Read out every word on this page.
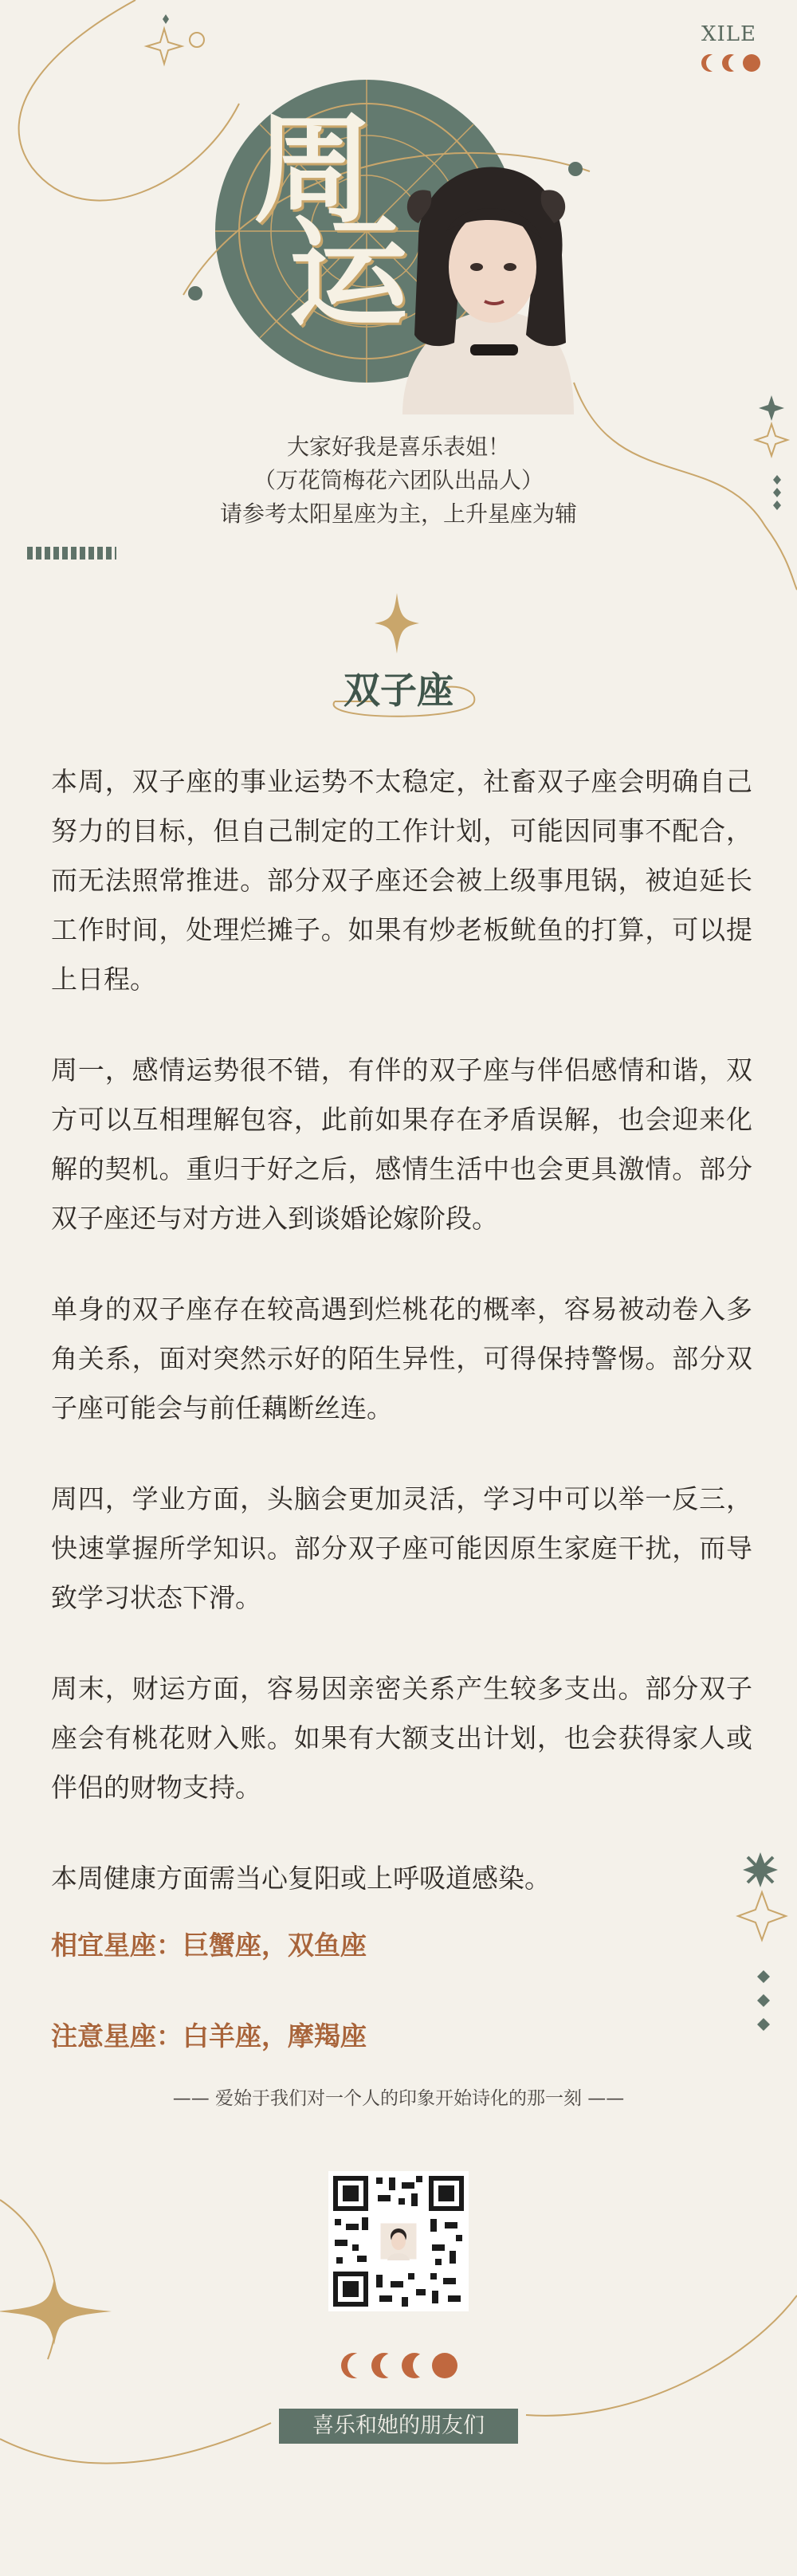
XILE
周
运
大家好我是喜乐表姐！
（万花筒梅花六团队出品人）
请参考太阳星座为主，上升星座为辅
双子座

本周，双子座的事业运势不太稳定，社畜双子座会明确自己努力的目标，但自己制定的工作计划，可能因同事不配合，而无法照常推进。部分双子座还会被上级事甩锅，被迫延长工作时间，处理烂摊子。如果有炒老板鱿鱼的打算，可以提上日程。

周一，感情运势很不错，有伴的双子座与伴侣感情和谐，双方可以互相理解包容，此前如果存在矛盾误解，也会迎来化解的契机。重归于好之后，感情生活中也会更具激情。部分双子座还与对方进入到谈婚论嫁阶段。

单身的双子座存在较高遇到烂桃花的概率，容易被动卷入多角关系，面对突然示好的陌生异性，可得保持警惕。部分双子座可能会与前任藕断丝连。

周四，学业方面，头脑会更加灵活，学习中可以举一反三，快速掌握所学知识。部分双子座可能因原生家庭干扰，而导致学习状态下滑。

周末，财运方面，容易因亲密关系产生较多支出。部分双子座会有桃花财入账。如果有大额支出计划，也会获得家人或伴侣的财物支持。

本周健康方面需当心复阳或上呼吸道感染。

相宜星座：巨蟹座，双鱼座

注意星座：白羊座，摩羯座

—— 爱始于我们对一个人的印象开始诗化的那一刻 ——
喜乐和她的朋友们
